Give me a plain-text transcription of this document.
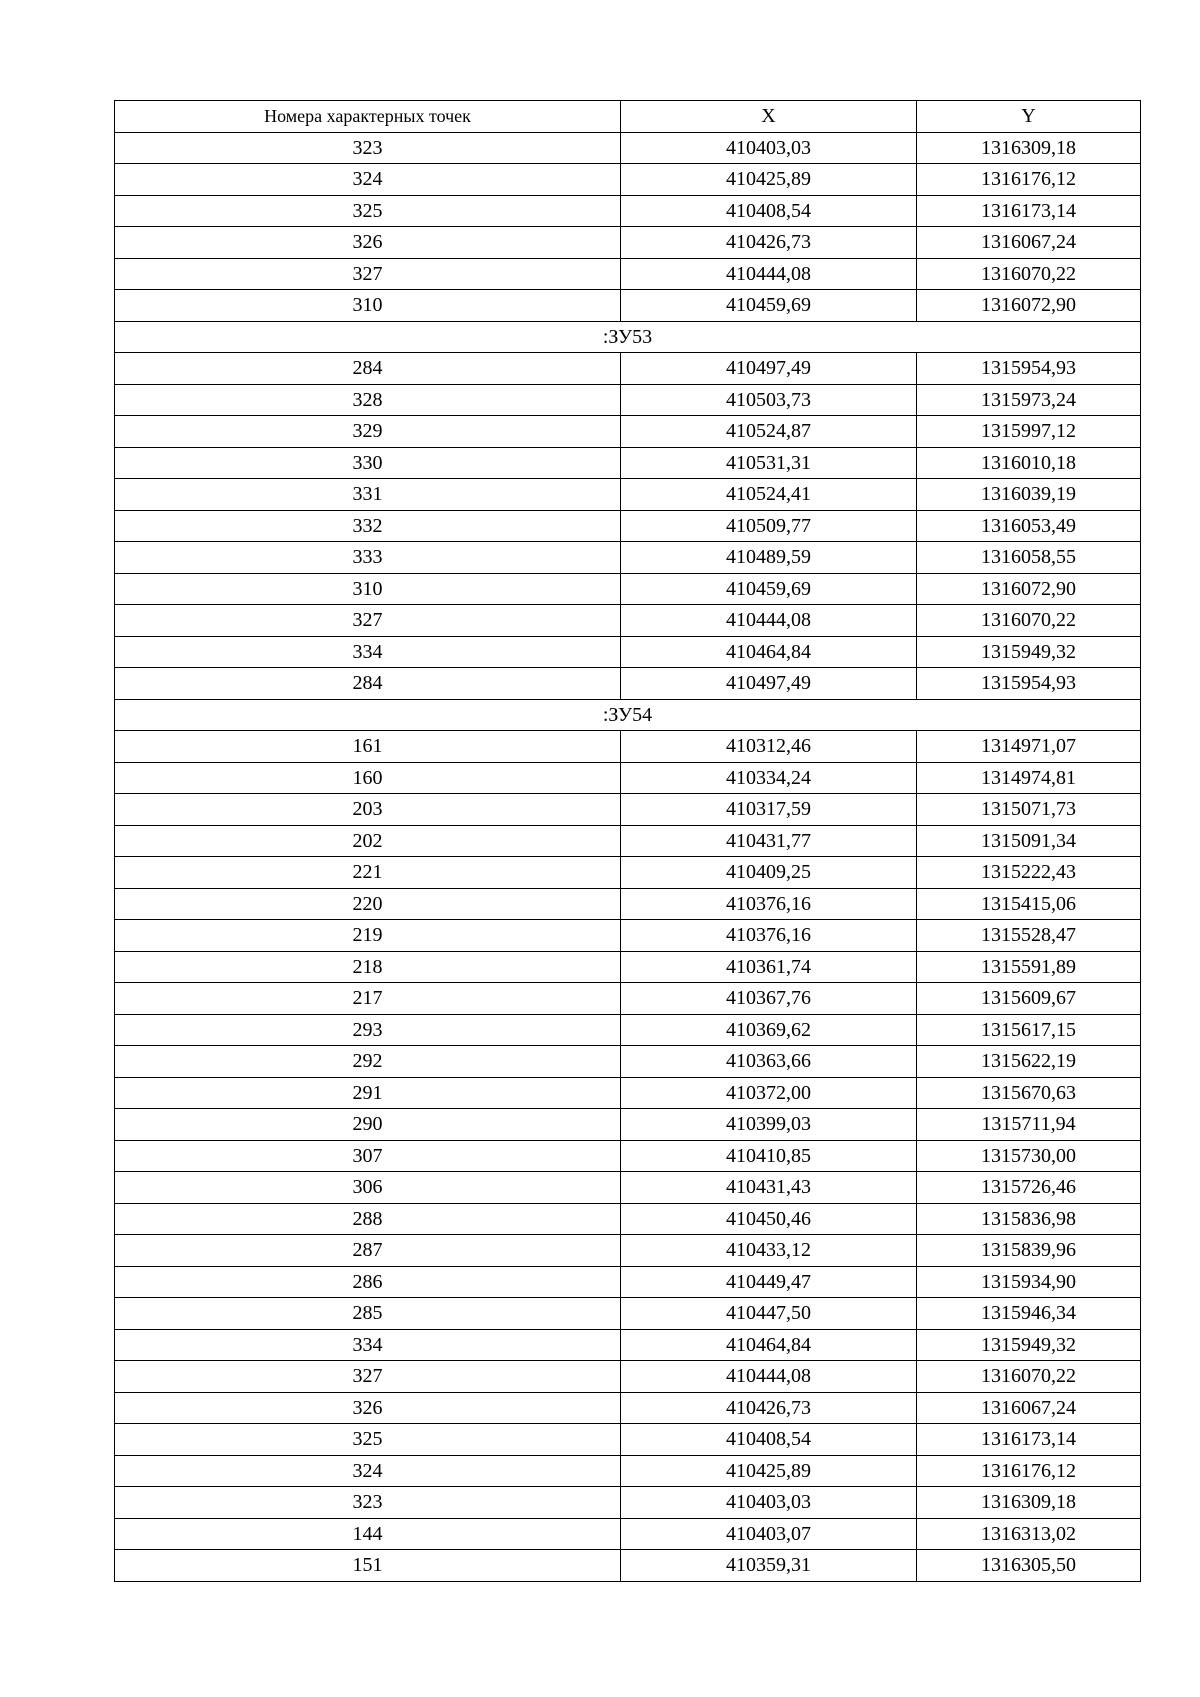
Номера характерных точек	X	Y
323	410403,03	1316309,18
324	410425,89	1316176,12
325	410408,54	1316173,14
326	410426,73	1316067,24
327	410444,08	1316070,22
310	410459,69	1316072,90
:ЗУ53		
284	410497,49	1315954,93
328	410503,73	1315973,24
329	410524,87	1315997,12
330	410531,31	1316010,18
331	410524,41	1316039,19
332	410509,77	1316053,49
333	410489,59	1316058,55
310	410459,69	1316072,90
327	410444,08	1316070,22
334	410464,84	1315949,32
284	410497,49	1315954,93
:ЗУ54		
161	410312,46	1314971,07
160	410334,24	1314974,81
203	410317,59	1315071,73
202	410431,77	1315091,34
221	410409,25	1315222,43
220	410376,16	1315415,06
219	410376,16	1315528,47
218	410361,74	1315591,89
217	410367,76	1315609,67
293	410369,62	1315617,15
292	410363,66	1315622,19
291	410372,00	1315670,63
290	410399,03	1315711,94
307	410410,85	1315730,00
306	410431,43	1315726,46
288	410450,46	1315836,98
287	410433,12	1315839,96
286	410449,47	1315934,90
285	410447,50	1315946,34
334	410464,84	1315949,32
327	410444,08	1316070,22
326	410426,73	1316067,24
325	410408,54	1316173,14
324	410425,89	1316176,12
323	410403,03	1316309,18
144	410403,07	1316313,02
151	410359,31	1316305,50
